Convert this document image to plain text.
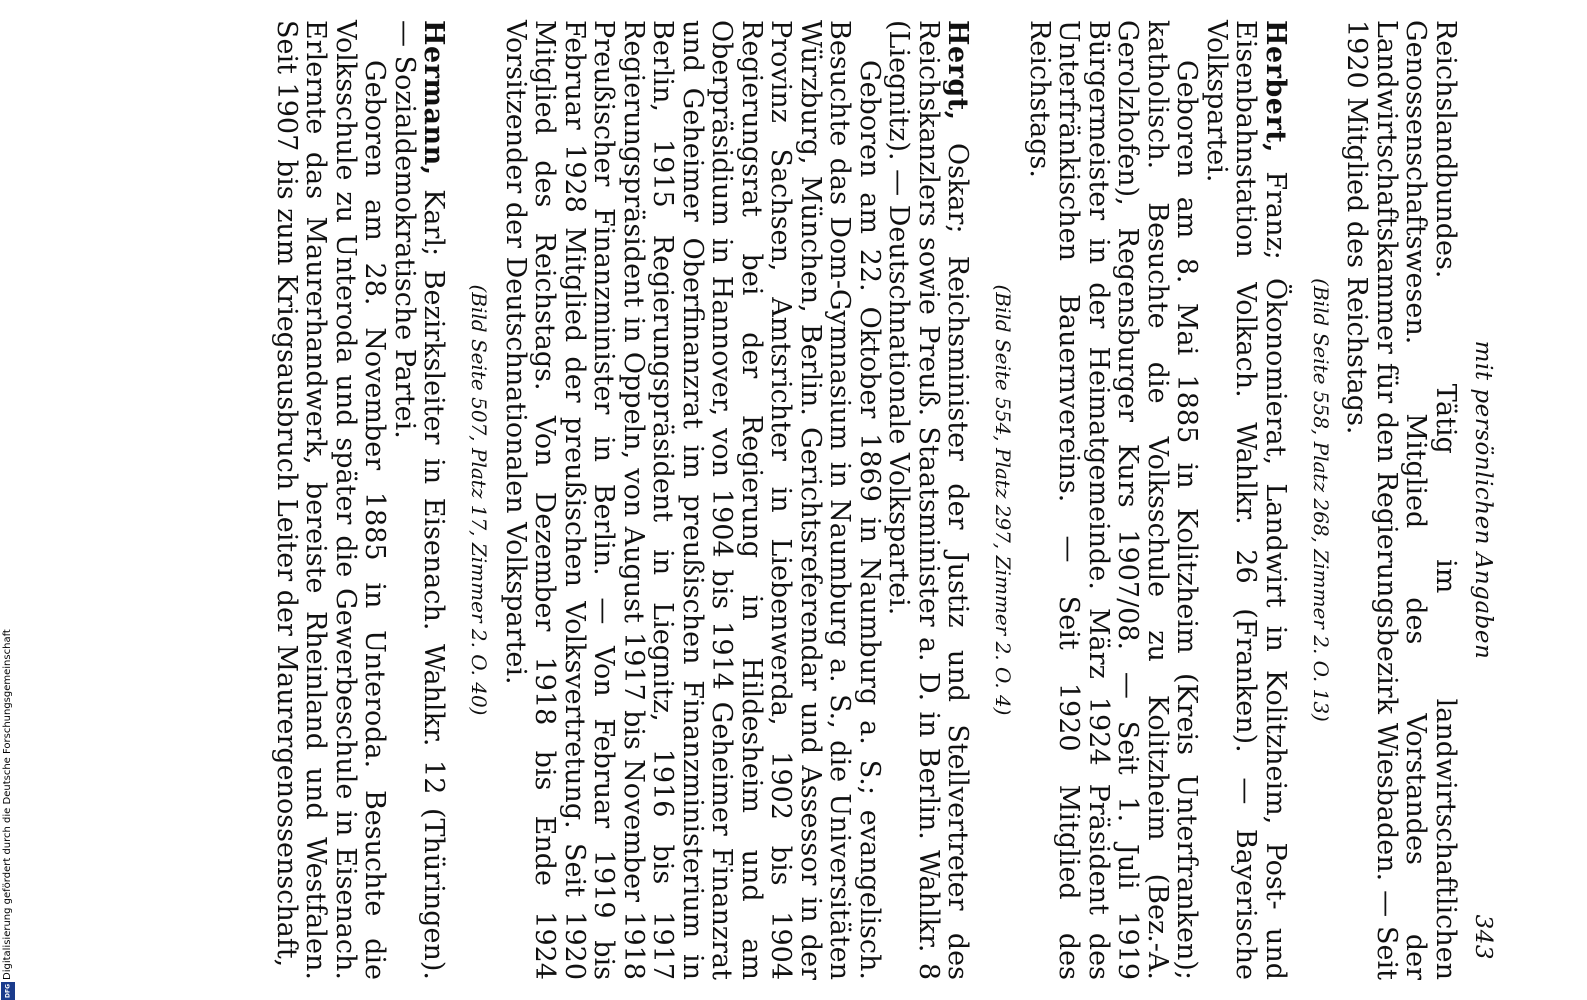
mit persönlichen Angaben
343

Reichslandbundes. Tätig im landwirtschaftlichen Genossenschaftswesen. Mitglied des Vorstandes der Landwirtschaftskammer für den Regierungsbezirk Wiesbaden. — Seit 1920 Mitglied des Reichstags.

(Bild Seite 558, Platz 268, Zimmer 2. O. 13)

Herbert, Franz; Ökonomierat, Landwirt in Kolitzheim, Post- und Eisenbahnstation Volkach. Wahlkr. 26 (Franken). — Bayerische Volkspartei.

Geboren am 8. Mai 1885 in Kolitzheim (Kreis Unterfranken); katholisch. Besuchte die Volksschule zu Kolitzheim (Bez.-A. Gerolzhofen), Regensburger Kurs 1907/08. — Seit 1. Juli 1919 Bürgermeister in der Heimatgemeinde. März 1924 Präsident des Unterfränkischen Bauernvereins. — Seit 1920 Mitglied des Reichstags.

(Bild Seite 554, Platz 297, Zimmer 2. O. 4)

Hergt, Oskar; Reichsminister der Justiz und Stellvertreter des Reichskanzlers sowie Preuß. Staatsminister a. D. in Berlin. Wahlkr. 8 (Liegnitz). — Deutschnationale Volkspartei.

Geboren am 22. Oktober 1869 in Naumburg a. S.; evangelisch. Besuchte das Dom-Gymnasium in Naumburg a. S., die Universitäten Würzburg, München, Berlin. Gerichtsreferendar und Assessor in der Provinz Sachsen, Amtsrichter in Liebenwerda, 1902 bis 1904 Regierungsrat bei der Regierung in Hildesheim und am Oberpräsidium in Hannover, von 1904 bis 1914 Geheimer Finanzrat und Geheimer Oberfinanzrat im preußischen Finanzministerium in Berlin, 1915 Regierungspräsident in Liegnitz, 1916 bis 1917 Regierungspräsident in Oppeln, von August 1917 bis November 1918 Preußischer Finanzminister in Berlin. — Von Februar 1919 bis Februar 1928 Mitglied der preußischen Volksvertretung. Seit 1920 Mitglied des Reichstags. Von Dezember 1918 bis Ende 1924 Vorsitzender der Deutschnationalen Volkspartei.

(Bild Seite 507, Platz 17, Zimmer 2. O. 40)

Hermann, Karl; Bezirksleiter in Eisenach. Wahlkr. 12 (Thüringen). — Sozialdemokratische Partei.

Geboren am 28. November 1885 in Unteroda. Besuchte die Volksschule zu Unteroda und später die Gewerbeschule in Eisenach. Erlernte das Maurerhandwerk, bereiste Rheinland und Westfalen. Seit 1907 bis zum Kriegsausbruch Leiter der Maurergenossenschaft,

Digitalisierung gefördert durch die Deutsche Forschungsgemeinschaft
DFG
